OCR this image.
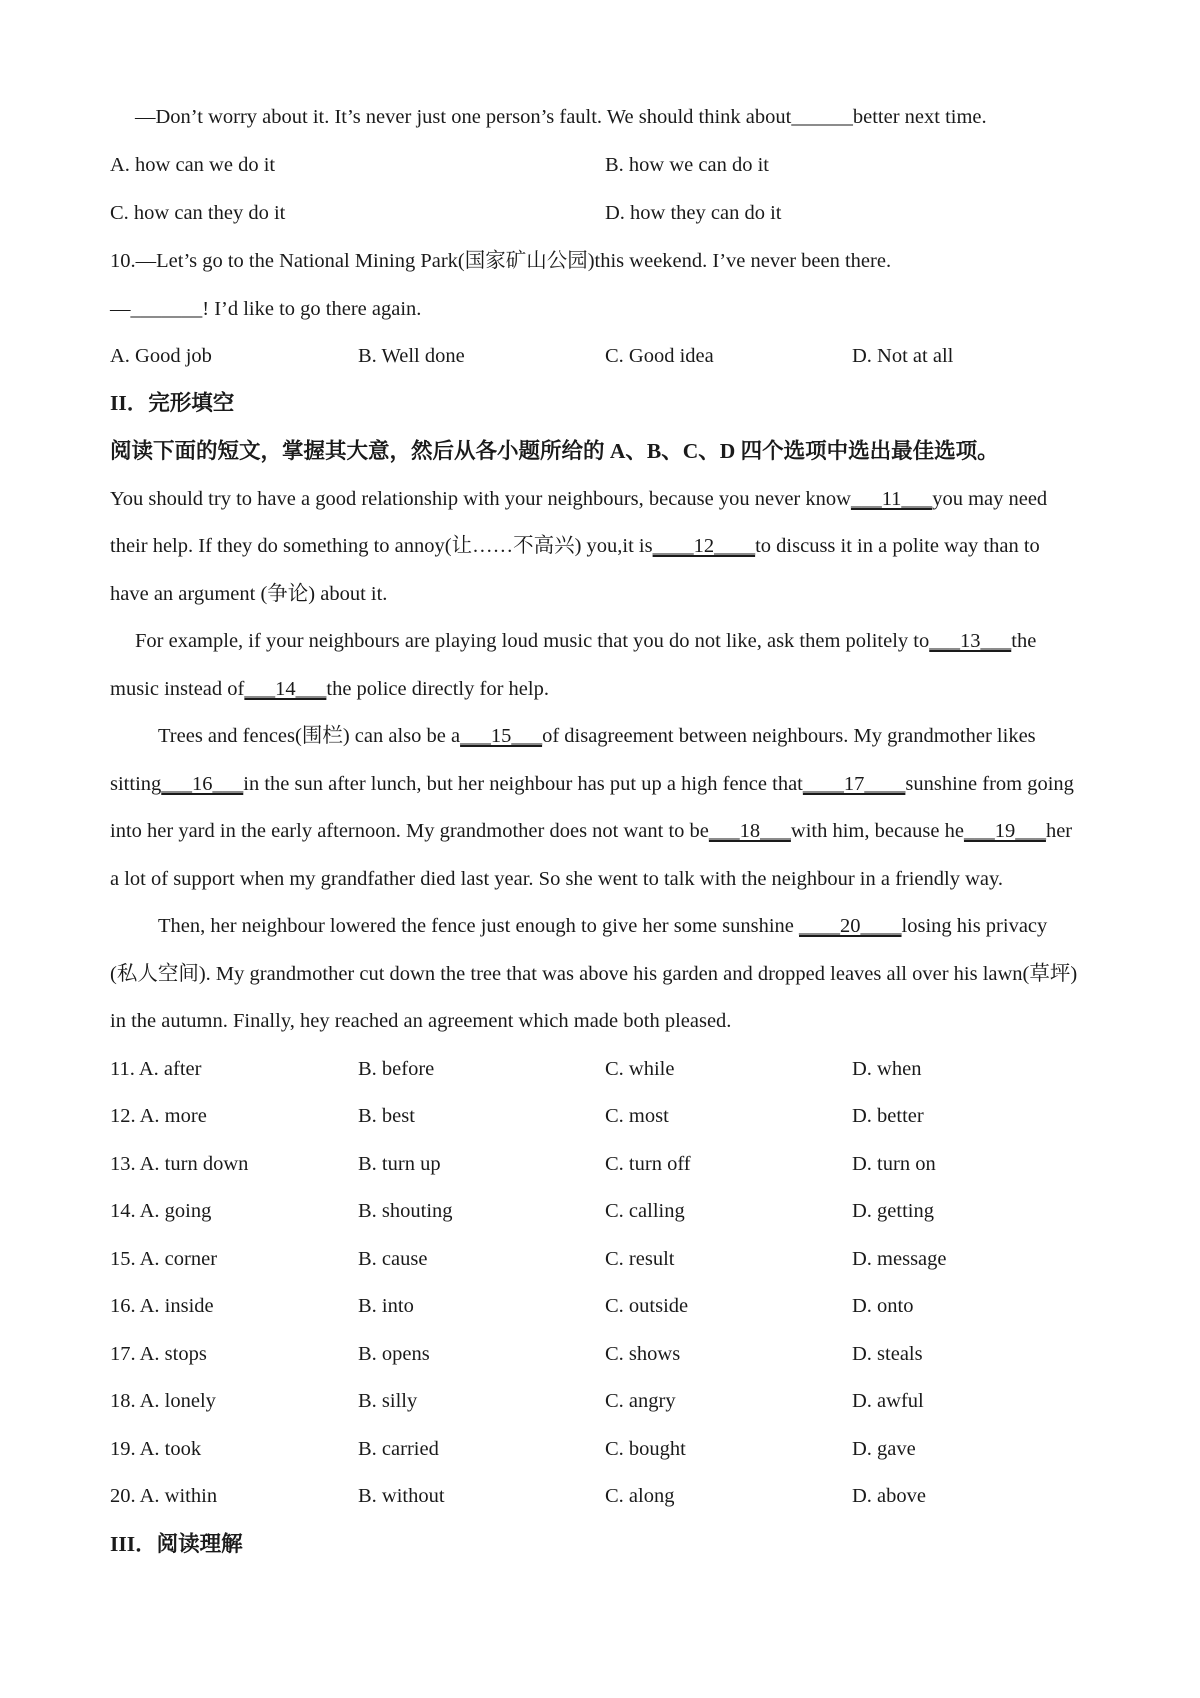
—Don’t worry about it. It’s never just one person’s fault. We should think about______better next time.
A. how can we do it	B. how we can do it
C. how can they do it	D. how they can do it
10.—Let’s go to the National Mining Park(国家矿山公园)this weekend. I’ve never been there.
—_______! I’d like to go there again.
A. Good job	B. Well done	C. Good idea	D. Not at all
II．完形填空
阅读下面的短文，掌握其大意，然后从各小题所给的 A、B、C、D 四个选项中选出最佳选项。
You should try to have a good relationship with your neighbours, because you never know___11___you may need
their help. If they do something to annoy(让……不高兴) you,it is____12____to discuss it in a polite way than to
have an argument (争论) about it.
For example, if your neighbours are playing loud music that you do not like, ask them politely to___13___the
music instead of___14___the police directly for help.
Trees and fences(围栏) can also be a___15___of disagreement between neighbours. My grandmother likes
sitting___16___in the sun after lunch, but her neighbour has put up a high fence that____17____sunshine from going
into her yard in the early afternoon. My grandmother does not want to be___18___with him, because he___19___her
a lot of support when my grandfather died last year. So she went to talk with the neighbour in a friendly way.
Then, her neighbour lowered the fence just enough to give her some sunshine ____20____losing his privacy
(私人空间). My grandmother cut down the tree that was above his garden and dropped leaves all over his lawn(草坪)
in the autumn. Finally, hey reached an agreement which made both pleased.
11. A. after	B. before	C. while	D. when
12. A. more	B. best	C. most	D. better
13. A. turn down	B. turn up	C. turn off	D. turn on
14. A. going	B. shouting	C. calling	D. getting
15. A. corner	B. cause	C. result	D. message
16. A. inside	B. into	C. outside	D. onto
17. A. stops	B. opens	C. shows	D. steals
18. A. lonely	B. silly	C. angry	D. awful
19. A. took	B. carried	C. bought	D. gave
20. A. within	B. without	C. along	D. above
III．阅读理解
